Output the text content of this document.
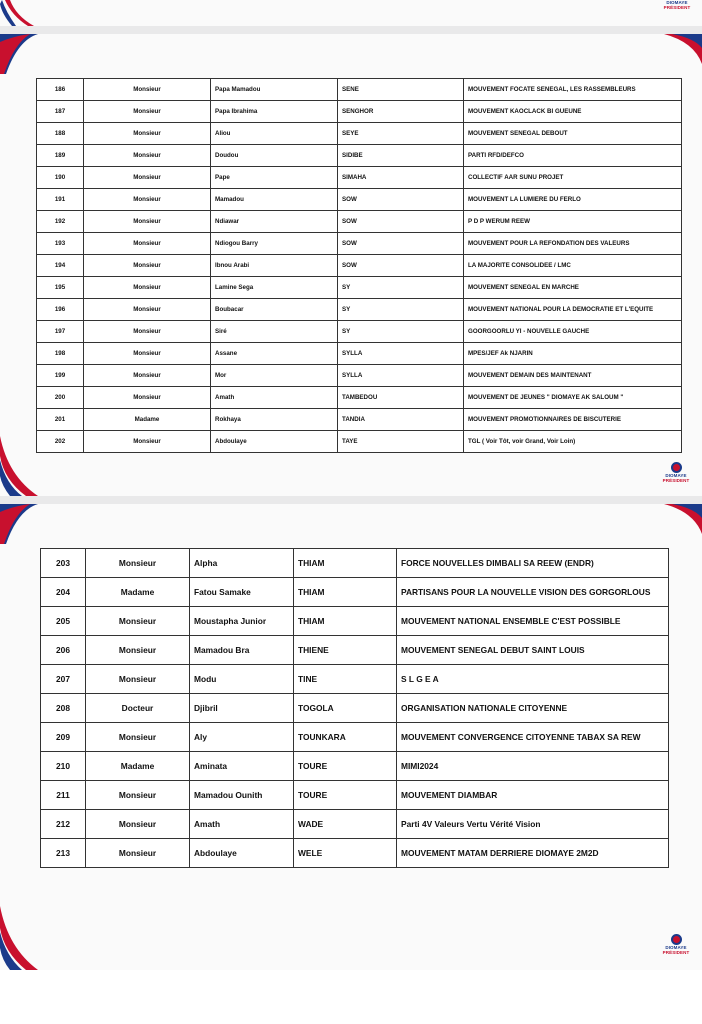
DIOMAYE
PRÉSIDENT
DIOMAYE
PRÉSIDENT
DIOMAYE
PRÉSIDENT
186	Monsieur	Papa Mamadou	SENE	MOUVEMENT FOCATE SENEGAL, LES RASSEMBLEURS
187	Monsieur	Papa Ibrahima	SENGHOR	MOUVEMENT KAOCLACK BI GUEUNE
188	Monsieur	Aliou	SEYE	MOUVEMENT SENEGAL DEBOUT
189	Monsieur	Doudou	SIDIBE	PARTI RFD/DEFCO
190	Monsieur	Pape	SIMAHA	COLLECTIF AAR SUNU PROJET
191	Monsieur	Mamadou	SOW	MOUVEMENT LA LUMIERE DU FERLO
192	Monsieur	Ndiawar	SOW	P D P WERUM REEW
193	Monsieur	Ndiogou Barry	SOW	MOUVEMENT POUR LA REFONDATION DES VALEURS
194	Monsieur	Ibnou Arabi	SOW	LA MAJORITE CONSOLIDEE / LMC
195	Monsieur	Lamine Sega	SY	MOUVEMENT SENEGAL EN MARCHE
196	Monsieur	Boubacar	SY	MOUVEMENT NATIONAL POUR LA DEMOCRATIE ET L'EQUITE
197	Monsieur	Siré	SY	GOORGOORLU YI - NOUVELLE GAUCHE
198	Monsieur	Assane	SYLLA	MPES/JEF Ak NJARIN
199	Monsieur	Mor	SYLLA	MOUVEMENT DEMAIN DES MAINTENANT
200	Monsieur	Amath	TAMBEDOU	MOUVEMENT DE JEUNES " DIOMAYE AK SALOUM "
201	Madame	Rokhaya	TANDIA	MOUVEMENT PROMOTIONNAIRES DE BISCUTERIE
202	Monsieur	Abdoulaye	TAYE	TGL ( Voir Tôt, voir Grand, Voir Loin)
203	Monsieur	Alpha	THIAM	FORCE NOUVELLES DIMBALI SA REEW (ENDR)
204	Madame	Fatou Samake	THIAM	PARTISANS POUR LA NOUVELLE VISION DES GORGORLOUS
205	Monsieur	Moustapha Junior	THIAM	MOUVEMENT NATIONAL ENSEMBLE C'EST POSSIBLE
206	Monsieur	Mamadou Bra	THIENE	MOUVEMENT SENEGAL DEBUT SAINT LOUIS
207	Monsieur	Modu	TINE	S L G E A
208	Docteur	Djibril	TOGOLA	ORGANISATION NATIONALE CITOYENNE
209	Monsieur	Aly	TOUNKARA	MOUVEMENT CONVERGENCE CITOYENNE TABAX SA REW
210	Madame	Aminata	TOURE	MIMI2024
211	Monsieur	Mamadou Ounith	TOURE	MOUVEMENT DIAMBAR
212	Monsieur	Amath	WADE	Parti 4V Valeurs Vertu Vérité Vision
213	Monsieur	Abdoulaye	WELE	MOUVEMENT MATAM DERRIERE DIOMAYE 2M2D
